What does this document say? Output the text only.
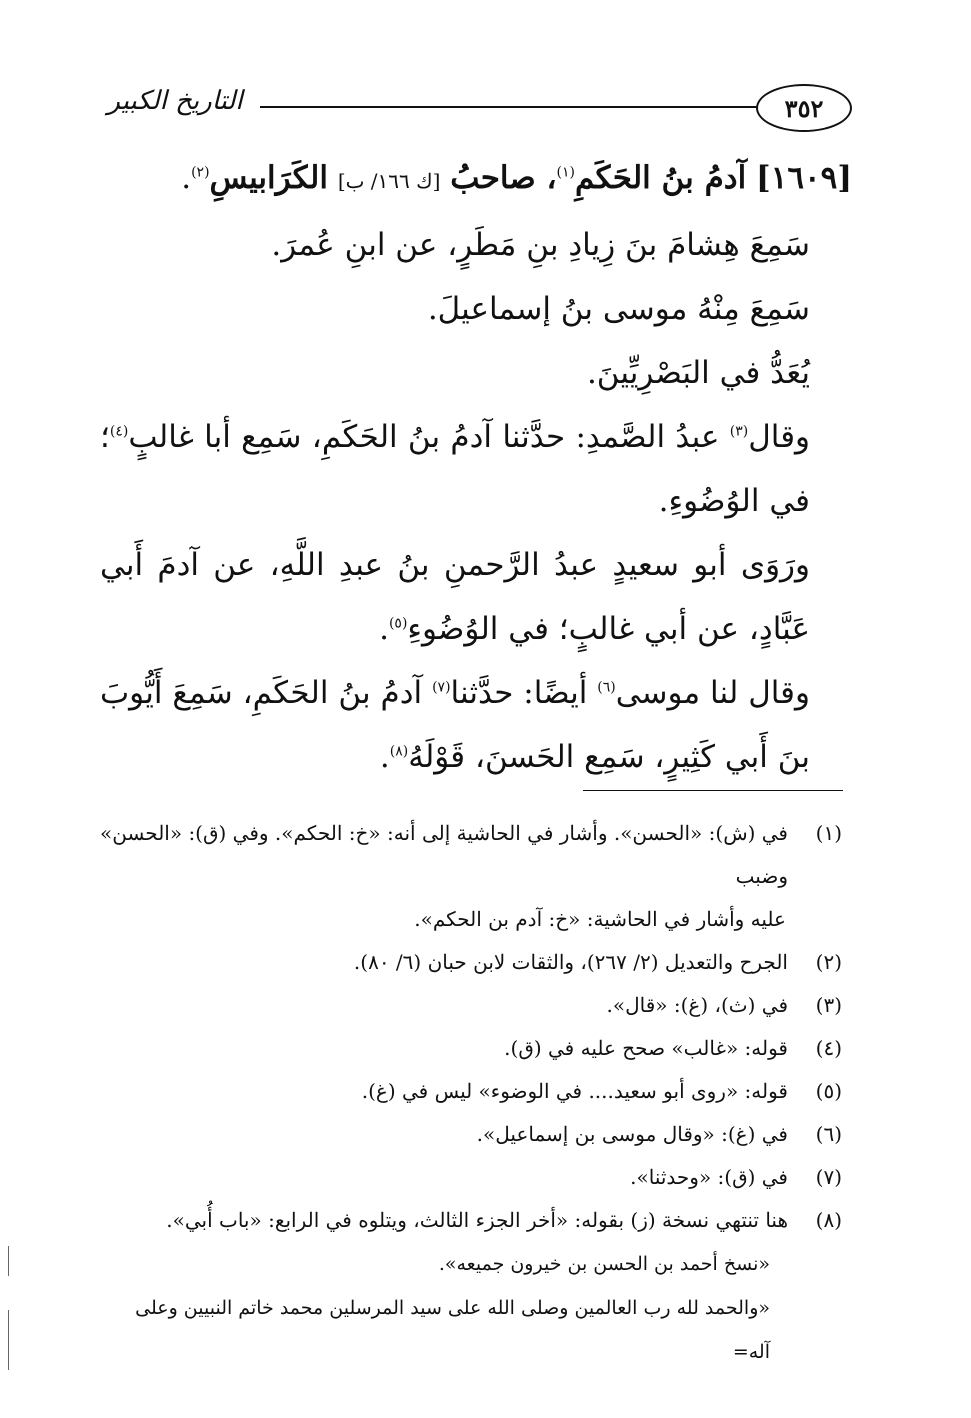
٣٥٢
التاريخ الكبير

[١٦٠٩] آدمُ بنُ الحَكَمِ$^{(١)}$، صاحبُ [ك ١٦٦/ ب] الكَرَابيسِ$^{(٢)}$.

سَمِعَ هِشامَ بنَ زِيادِ بنِ مَطَرٍ، عن ابنِ عُمرَ.

سَمِعَ مِنْهُ موسى بنُ إسماعيلَ.

يُعَدُّ في البَصْرِيِّينَ.

وقال$^{(٣)}$ عبدُ الصَّمدِ: حدَّثنا آدمُ بنُ الحَكَمِ، سَمِع أبا غالبٍ$^{(٤)}$؛ في الوُضُوءِ.

ورَوَى أبو سعيدٍ عبدُ الرَّحمنِ بنُ عبدِ اللَّهِ، عن آدمَ أَبي عَبَّادٍ، عن أبي غالبٍ؛ في الوُضُوءِ$^{(٥)}$.

وقال لنا موسى$^{(٦)}$ أيضًا: حدَّثنا$^{(٧)}$ آدمُ بنُ الحَكَمِ، سَمِعَ أَيُّوبَ بنَ أَبي كَثِيرٍ، سَمِع الحَسنَ، قَوْلَهُ$^{(٨)}$.

(١)
في (ش): «الحسن». وأشار في الحاشية إلى أنه: «خ: الحكم». وفي (ق): «الحسن» وضبب
عليه وأشار في الحاشية: «خ: آدم بن الحكم».
(٢)
الجرح والتعديل (٢/ ٢٦٧)، والثقات لابن حبان (٦/ ٨٠).
(٣)
في (ث)، (غ): «قال».
(٤)
قوله: «غالب» صحح عليه في (ق).
(٥)
قوله: «روى أبو سعيد.... في الوضوء» ليس في (غ).
(٦)
في (غ): «وقال موسى بن إسماعيل».
(٧)
في (ق): «وحدثنا».
(٨)
هنا تنتهي نسخة (ز) بقوله: «أخر الجزء الثالث، ويتلوه في الرابع: «باب أُبي».
«نسخ أحمد بن الحسن بن خيرون جميعه».
«والحمد لله رب العالمين وصلى الله على سيد المرسلين محمد خاتم النبيين وعلى آله=
